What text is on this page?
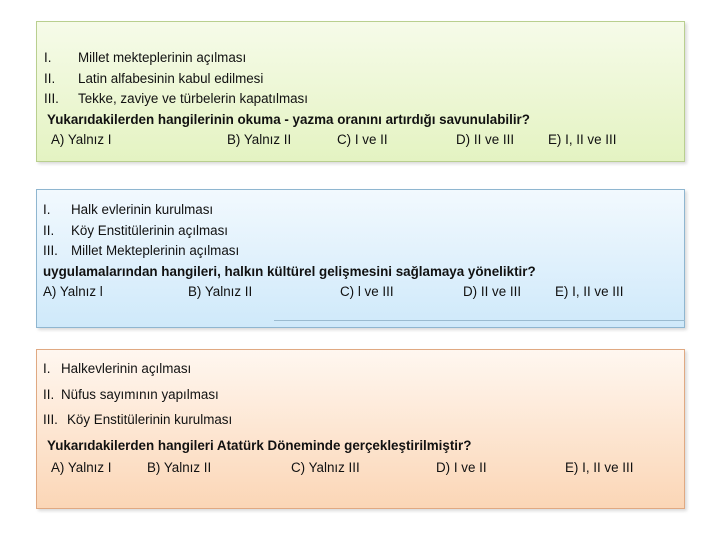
I. Millet mekteplerinin açılması
II. Latin alfabesinin kabul edilmesi
III. Tekke, zaviye ve türbelerin kapatılması
Yukarıdakilerden hangilerinin okuma - yazma oranını artırdığı savunulabilir?
A) Yalnız I	B) Yalnız II	C) I ve II	D) II ve III	E) I, II ve III
I. Halk evlerinin kurulması
II. Köy Enstitülerinin açılması
III. Millet Mekteplerinin açılması
uygulamalarından hangileri, halkın kültürel gelişmesini sağlamaya yöneliktir?
A) Yalnız l	B) Yalnız II	C) l ve III	D) II ve III	E) I, II ve III
I. Halkevlerinin açılması
II. Nüfus sayımının yapılması
III. Köy Enstitülerinin kurulması
Yukarıdakilerden hangileri Atatürk Döneminde gerçekleştirilmiştir?
A) Yalnız I	B) Yalnız II	C) Yalnız III	D) I ve II	E) I, II ve III
